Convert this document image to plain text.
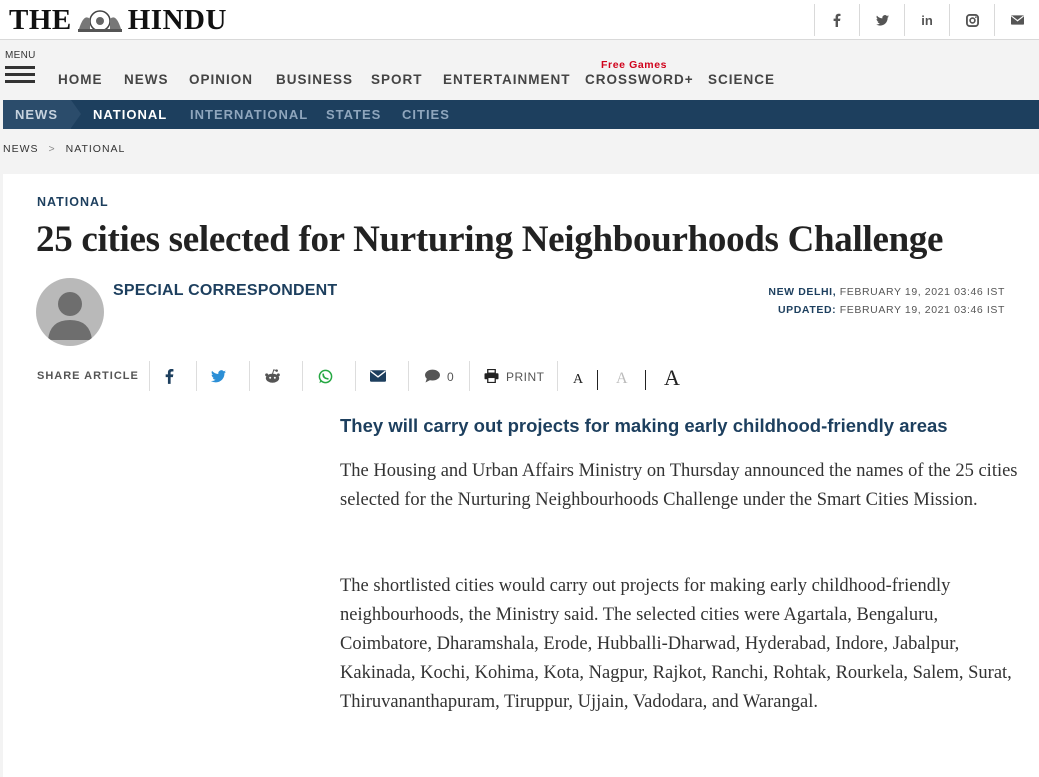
THE HINDU	in
MENU
HOME NEWS OPINION BUSINESS SPORT ENTERTAINMENT
Free Games
CROSSWORD+ SCIENCE
NEWS	NATIONAL INTERNATIONAL STATES CITIES
NEWS > NATIONAL
NATIONAL
25 cities selected for Nurturing Neighbourhoods Challenge
SPECIAL CORRESPONDENT	NEW DELHI, FEBRUARY 19, 2021 03:46 IST
UPDATED: FEBRUARY 19, 2021 03:46 IST
SHARE ARTICLE	0	PRINT A A A
They will carry out projects for making early childhood-friendly areas

The Housing and Urban Affairs Ministry on Thursday announced the names of the 25 cities selected for the Nurturing Neighbourhoods Challenge under the Smart Cities Mission.

The shortlisted cities would carry out projects for making early childhood-friendly neighbourhoods, the Ministry said. The selected cities were Agartala, Bengaluru, Coimbatore, Dharamshala, Erode, Hubballi-Dharwad, Hyderabad, Indore, Jabalpur, Kakinada, Kochi, Kohima, Kota, Nagpur, Rajkot, Ranchi, Rohtak, Rourkela, Salem, Surat, Thiruvananthapuram, Tiruppur, Ujjain, Vadodara, and Warangal.
